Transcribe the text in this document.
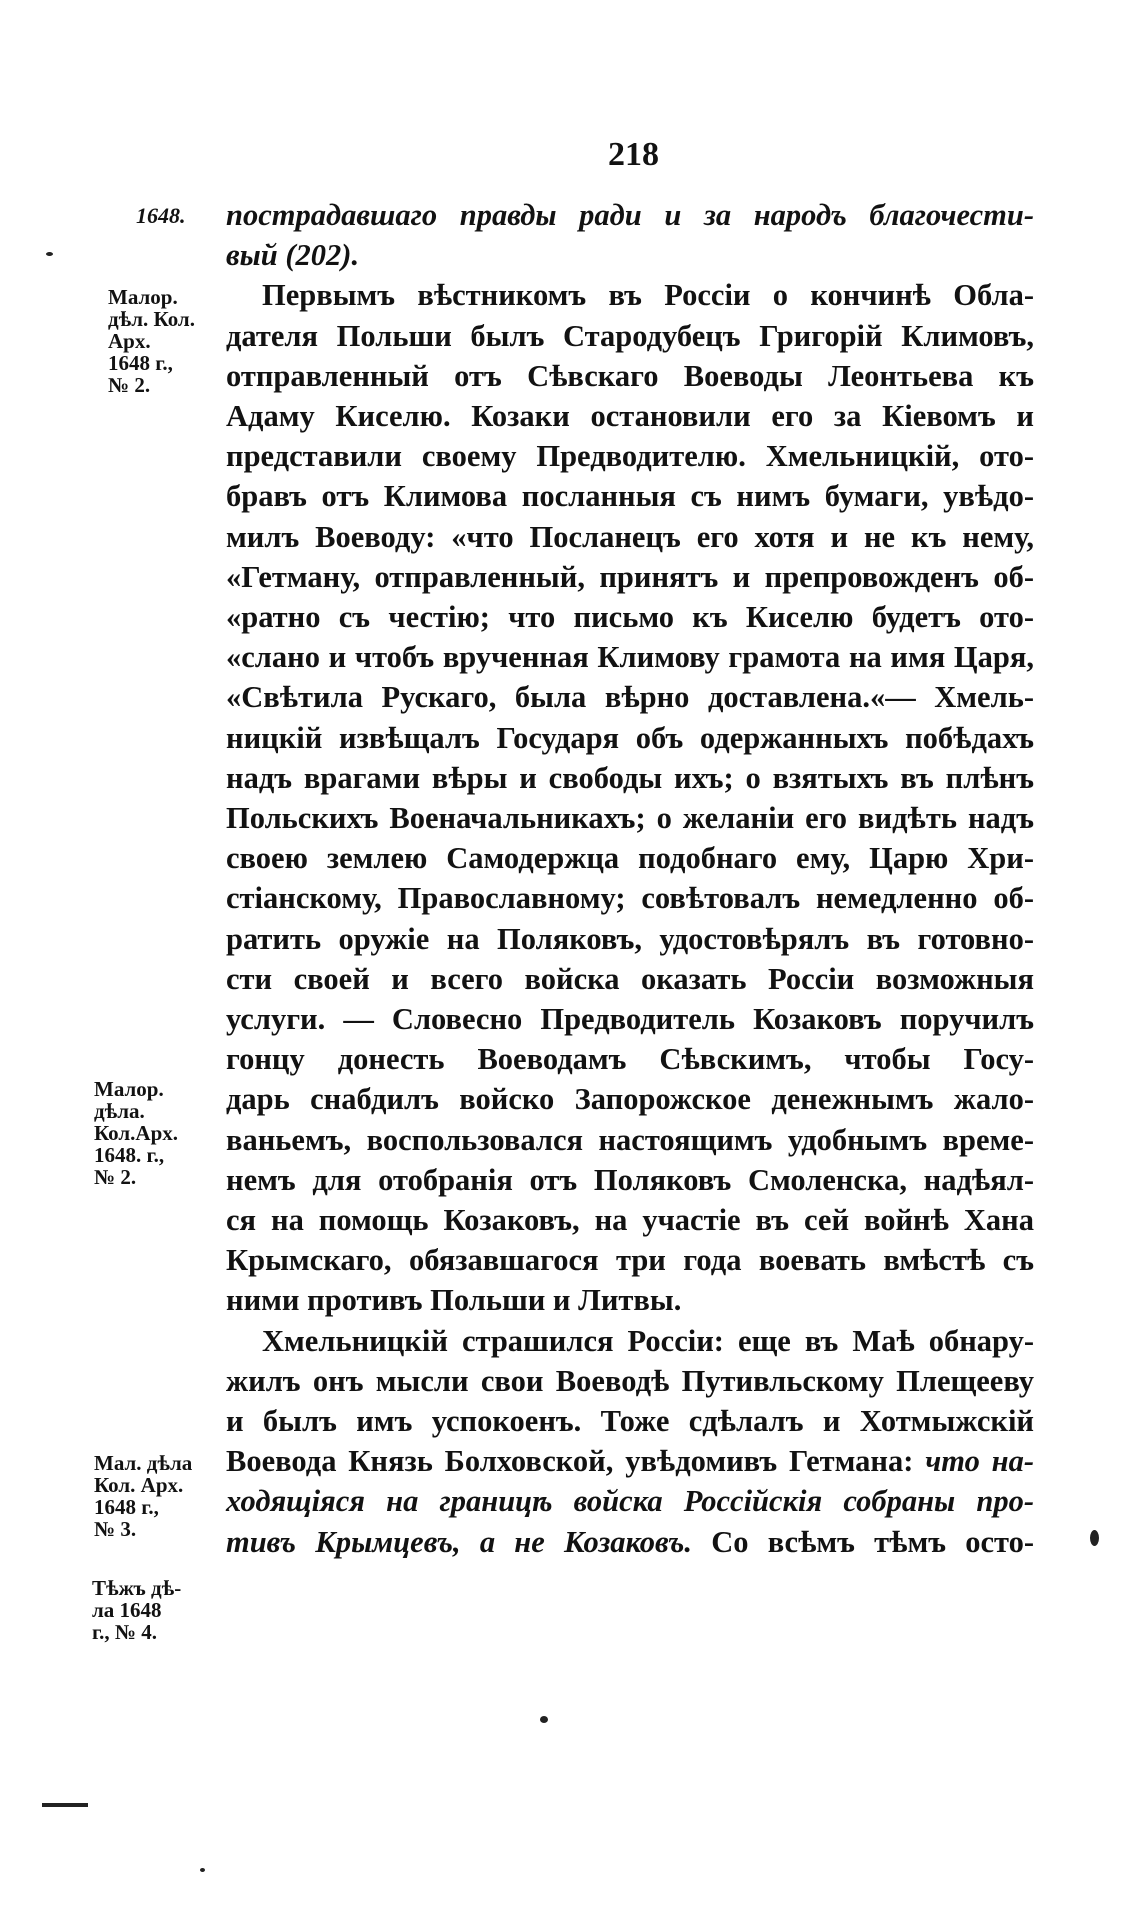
218
1648.
Малор.
дѣл. Кол.
Арх.
1648 г.,
№ 2.
Малор.
дѣла.
Кол.Арх.
1648. г.,
№ 2.
Мал. дѣла
Кол. Арх.
1648 г.,
№ 3.
Тѣжъ дѣ-
ла 1648
г., № 4.
пострадавшаго правды ради и за народъ благочести-
вый (202).
Первымъ вѣстникомъ въ Россіи о кончинѣ Обла-
дателя Польши былъ Стародубецъ Григорій Климовъ,
отправленный отъ Сѣвскаго Воеводы Леонтьева къ
Адаму Киселю. Козаки остановили его за Кіевомъ и
представили своему Предводителю. Хмельницкій, ото-
бравъ отъ Климова посланныя съ нимъ бумаги, увѣдо-
милъ Воеводу: «что Посланецъ его хотя и не къ нему,
«Гетману, отправленный, принятъ и препровожденъ об-
«ратно съ честію; что письмо къ Киселю будетъ ото-
«слано и чтобъ врученная Климову грамота на имя Царя,
«Свѣтила Рускаго, была вѣрно доставлена.«— Хмель-
ницкій извѣщалъ Государя объ одержанныхъ побѣдахъ
надъ врагами вѣры и свободы ихъ; о взятыхъ въ плѣнъ
Польскихъ Военачальникахъ; о желаніи его видѣть надъ
своею землею Самодержца подобнаго ему, Царю Хри-
стіанскому, Православному; совѣтовалъ немедленно об-
ратить оружіе на Поляковъ, удостовѣрялъ въ готовно-
сти своей и всего войска оказать Россіи возможныя
услуги. — Словесно Предводитель Козаковъ поручилъ
гонцу донесть Воеводамъ Сѣвскимъ, чтобы Госу-
дарь снабдилъ войско Запорожское денежнымъ жало-
ваньемъ, воспользовался настоящимъ удобнымъ време-
немъ для отобранія отъ Поляковъ Смоленска, надѣял-
ся на помощь Козаковъ, на участіе въ сей войнѣ Хана
Крымскаго, обязавшагося три года воевать вмѣстѣ съ
ними противъ Польши и Литвы.
Хмельницкій страшился Россіи: еще въ Маѣ обнару-
жилъ онъ мысли свои Воеводѣ Путивльскому Плещееву
и былъ имъ успокоенъ. Тоже сдѣлалъ и Хотмыжскій
Воевода Князь Болховской, увѣдомивъ Гетмана: что на-
ходящіяся на границѣ войска Россійскія собраны про-
тивъ Крымцевъ, а не Козаковъ. Со всѣмъ тѣмъ осто-
